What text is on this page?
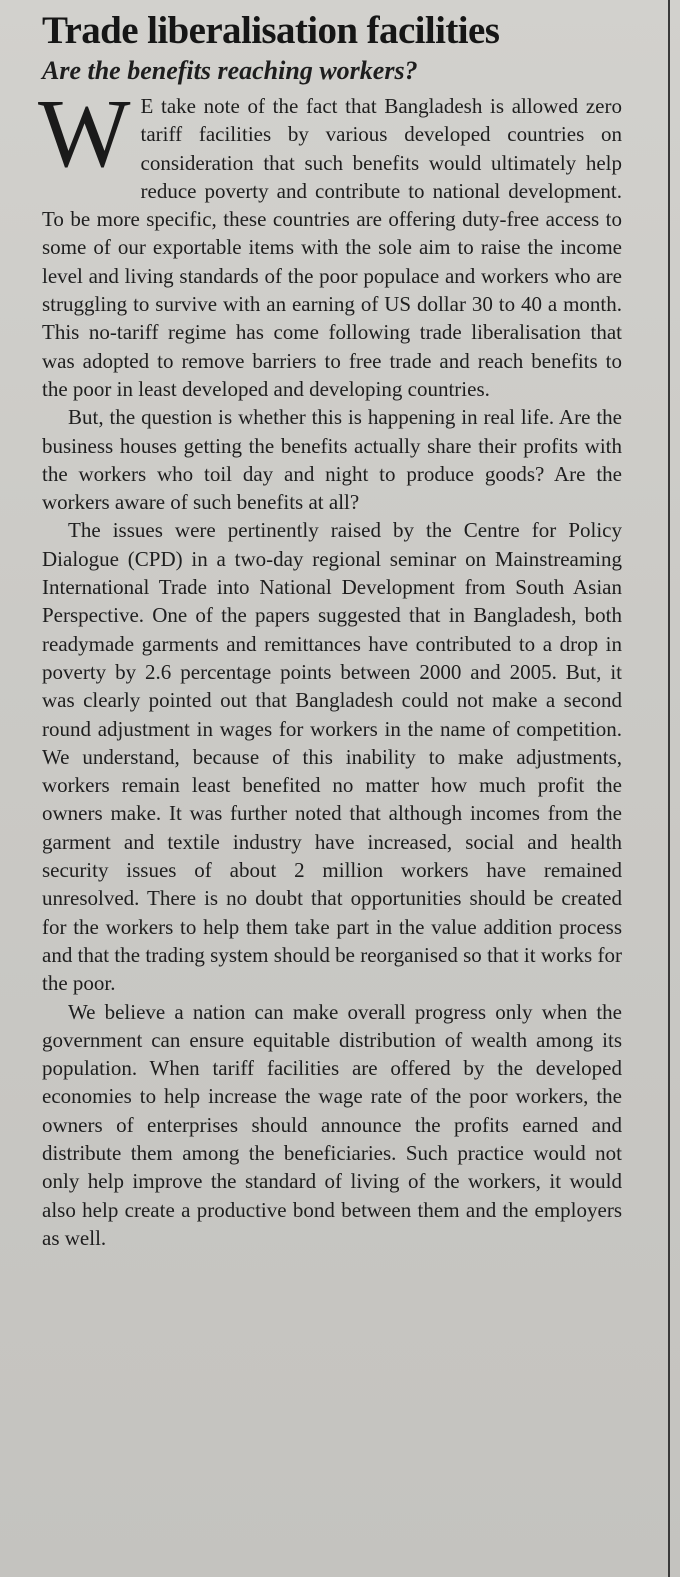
Trade liberalisation facilities
Are the benefits reaching workers?

W E take note of the fact that Bangladesh is allowed zero tariff facilities by various developed countries on consideration that such benefits would ultimately help reduce poverty and contribute to national development. To be more specific, these countries are offering duty-free access to some of our exportable items with the sole aim to raise the income level and living standards of the poor populace and workers who are struggling to survive with an earning of US dollar 30 to 40 a month. This no-tariff regime has come following trade liberalisation that was adopted to remove barriers to free trade and reach benefits to the poor in least developed and developing countries.

But, the question is whether this is happening in real life. Are the business houses getting the benefits actually share their profits with the workers who toil day and night to produce goods? Are the workers aware of such benefits at all?

The issues were pertinently raised by the Centre for Policy Dialogue (CPD) in a two-day regional seminar on Mainstreaming International Trade into National Development from South Asian Perspective. One of the papers suggested that in Bangladesh, both readymade garments and remittances have contributed to a drop in poverty by 2.6 percentage points between 2000 and 2005. But, it was clearly pointed out that Bangladesh could not make a second round adjustment in wages for workers in the name of competition. We understand, because of this inability to make adjustments, workers remain least benefited no matter how much profit the owners make. It was further noted that although incomes from the garment and textile industry have increased, social and health security issues of about 2 million workers have remained unresolved. There is no doubt that opportunities should be created for the workers to help them take part in the value addition process and that the trading system should be reorganised so that it works for the poor.

We believe a nation can make overall progress only when the government can ensure equitable distribution of wealth among its population. When tariff facilities are offered by the developed economies to help increase the wage rate of the poor workers, the owners of enterprises should announce the profits earned and distribute them among the beneficiaries. Such practice would not only help improve the standard of living of the workers, it would also help create a productive bond between them and the employers as well.
